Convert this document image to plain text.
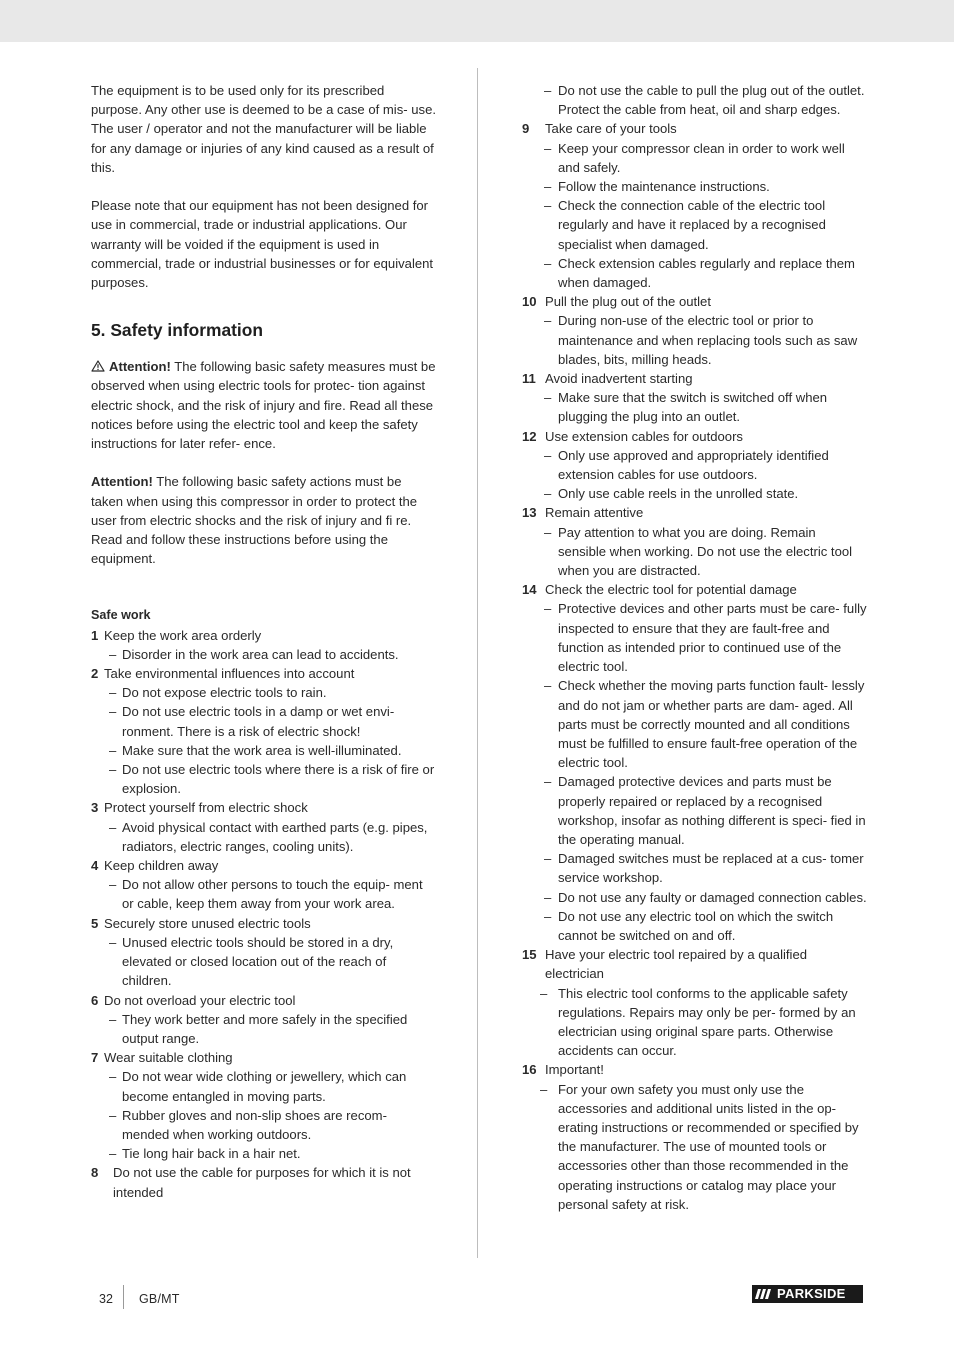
The equipment is to be used only for its prescribed purpose. Any other use is deemed to be a case of mis- use. The user / operator and not the manufacturer will be liable for any damage or injuries of any kind caused as a result of this.

Please note that our equipment has not been designed for use in commercial, trade or industrial applications. Our warranty will be voided if the equipment is used in commercial, trade or industrial businesses or for equivalent purposes.

5. Safety information

Attention! The following basic safety measures must be observed when using electric tools for protec- tion against electric shock, and the risk of injury and fire. Read all these notices before using the electric tool and keep the safety instructions for later refer- ence.

Attention! The following basic safety actions must be taken when using this compressor in order to protect the user from electric shocks and the risk of injury and fi re. Read and follow these instructions before using the equipment.

Safe work
1 Keep the work area orderly
– Disorder in the work area can lead to accidents.
2 Take environmental influences into account
– Do not expose electric tools to rain.
– Do not use electric tools in a damp or wet envi- ronment. There is a risk of electric shock!
– Make sure that the work area is well-illuminated.
– Do not use electric tools where there is a risk of fire or explosion.
3 Protect yourself from electric shock
– Avoid physical contact with earthed parts (e.g. pipes, radiators, electric ranges, cooling units).
4 Keep children away
– Do not allow other persons to touch the equip- ment or cable, keep them away from your work area.
5 Securely store unused electric tools
– Unused electric tools should be stored in a dry, elevated or closed location out of the reach of children.
6 Do not overload your electric tool
– They work better and more safely in the specified output range.
7 Wear suitable clothing
– Do not wear wide clothing or jewellery, which can become entangled in moving parts.
– Rubber gloves and non-slip shoes are recom- mended when working outdoors.
– Tie long hair back in a hair net.
8	Do not use the cable for purposes for which it is not intended
– Do not use the cable to pull the plug out of the outlet. Protect the cable from heat, oil and sharp edges.
9	Take care of your tools
– Keep your compressor clean in order to work well and safely.
– Follow the maintenance instructions.
– Check the connection cable of the electric tool regularly and have it replaced by a recognised specialist when damaged.
– Check extension cables regularly and replace them when damaged.
10 Pull the plug out of the outlet
– During non-use of the electric tool or prior to maintenance and when replacing tools such as saw blades, bits, milling heads.
11 Avoid inadvertent starting
– Make sure that the switch is switched off when plugging the plug into an outlet.
12 Use extension cables for outdoors
– Only use approved and appropriately identified extension cables for use outdoors.
– Only use cable reels in the unrolled state.
13 Remain attentive
– Pay attention to what you are doing. Remain sensible when working. Do not use the electric tool when you are distracted.
14 Check the electric tool for potential damage
– Protective devices and other parts must be care- fully inspected to ensure that they are fault-free and function as intended prior to continued use of the electric tool.
– Check whether the moving parts function fault- lessly and do not jam or whether parts are dam- aged. All parts must be correctly mounted and all conditions must be fulfilled to ensure fault-free operation of the electric tool.
– Damaged protective devices and parts must be properly repaired or replaced by a recognised workshop, insofar as nothing different is speci- fied in the operating manual.
– Damaged switches must be replaced at a cus- tomer service workshop.
– Do not use any faulty or damaged connection cables.
– Do not use any electric tool on which the switch cannot be switched on and off.
15 Have your electric tool repaired by a qualified electrician
– This electric tool conforms to the applicable safety regulations. Repairs may only be per- formed by an electrician using original spare parts. Otherwise accidents can occur.
16 Important!
– For your own safety you must only use the accessories and additional units listed in the op- erating instructions or recommended or specified by the manufacturer. The use of mounted tools or accessories other than those recommended in the operating instructions or catalog may place your personal safety at risk.
32 GB/MT	PARKSIDE
